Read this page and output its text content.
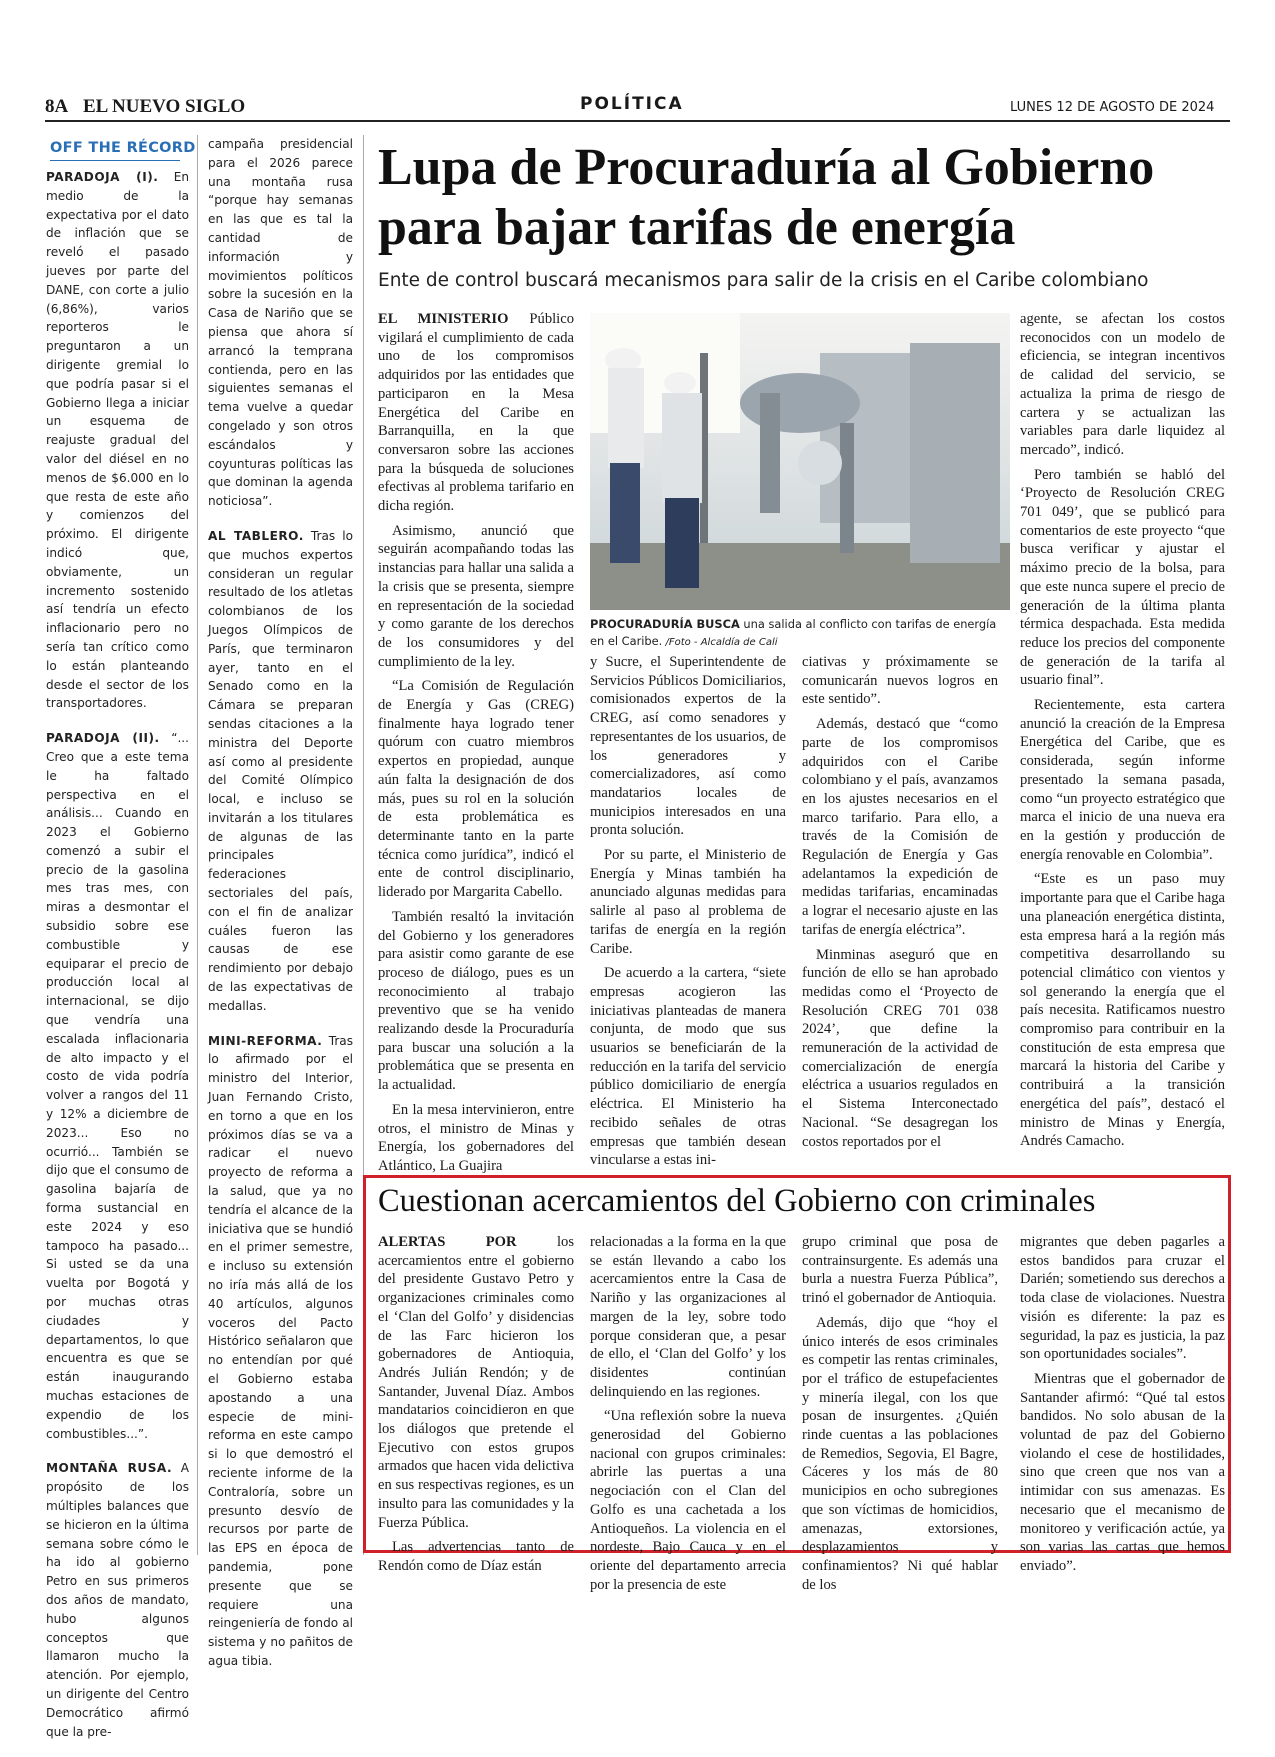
8A EL NUEVO SIGLO	POLÍTICA	LUNES 12 DE AGOSTO DE 2024
OFF THE RÉCORD

PARADOJA (I). En medio de la expectativa por el dato de inflación que se reveló el pasado jueves por parte del DANE, con corte a julio (6,86%), varios reporteros le preguntaron a un dirigente gremial lo que podría pasar si el Gobierno llega a iniciar un esquema de reajuste gradual del valor del diésel en no menos de $6.000 en lo que resta de este año y comienzos del próximo. El dirigente indicó que, obviamente, un incremento sostenido así tendría un efecto inflacionario pero no sería tan crítico como lo están planteando desde el sector de los transportadores.

PARADOJA (II). “... Creo que a este tema le ha faltado perspectiva en el análisis... Cuando en 2023 el Gobierno comenzó a subir el precio de la gasolina mes tras mes, con miras a desmontar el subsidio sobre ese combustible y equiparar el precio de producción local al internacional, se dijo que vendría una escalada inflacionaria de alto impacto y el costo de vida podría volver a rangos del 11 y 12% a diciembre de 2023... Eso no ocurrió... También se dijo que el consumo de gasolina bajaría de forma sustancial en este 2024 y eso tampoco ha pasado... Si usted se da una vuelta por Bogotá y por muchas otras ciudades y departamentos, lo que encuentra es que se están inaugurando muchas estaciones de expendio de los combustibles...”.

MONTAÑA RUSA. A propósito de los múltiples balances que se hicieron en la última semana sobre cómo le ha ido al gobierno Petro en sus primeros dos años de mandato, hubo algunos conceptos que llamaron mucho la atención. Por ejemplo, un dirigente del Centro Democrático afirmó que la pre-

campaña presidencial para el 2026 parece una montaña rusa “porque hay semanas en las que es tal la cantidad de información y movimientos políticos sobre la sucesión en la Casa de Nariño que se piensa que ahora sí arrancó la temprana contienda, pero en las siguientes semanas el tema vuelve a quedar congelado y son otros escándalos y coyunturas políticas las que dominan la agenda noticiosa”.

AL TABLERO. Tras lo que muchos expertos consideran un regular resultado de los atletas colombianos de los Juegos Olímpicos de París, que terminaron ayer, tanto en el Senado como en la Cámara se preparan sendas citaciones a la ministra del Deporte así como al presidente del Comité Olímpico local, e incluso se invitarán a los titulares de algunas de las principales federaciones sectoriales del país, con el fin de analizar cuáles fueron las causas de ese rendimiento por debajo de las expectativas de medallas.

MINI-REFORMA. Tras lo afirmado por el ministro del Interior, Juan Fernando Cristo, en torno a que en los próximos días se va a radicar el nuevo proyecto de reforma a la salud, que ya no tendría el alcance de la iniciativa que se hundió en el primer semestre, e incluso su extensión no iría más allá de los 40 artículos, algunos voceros del Pacto Histórico señalaron que no entendían por qué el Gobierno estaba apostando a una especie de mini-reforma en este campo si lo que demostró el reciente informe de la Contraloría, sobre un presunto desvío de recursos por parte de las EPS en época de pandemia, pone presente que se requiere una reingeniería de fondo al sistema y no pañitos de agua tibia.

Lupa de Procuraduría al Gobierno
para bajar tarifas de energía
Ente de control buscará mecanismos para salir de la crisis en el Caribe colombiano

EL MINISTERIO Público vigilará el cumplimiento de cada uno de los compromisos adquiridos por las entidades que participaron en la Mesa Energética del Caribe en Barranquilla, en la que conversaron sobre las acciones para la búsqueda de soluciones efectivas al problema tarifario en dicha región.

Asimismo, anunció que seguirán acompañando todas las instancias para hallar una salida a la crisis que se presenta, siempre en representación de la sociedad y como garante de los derechos de los consumidores y del cumplimiento de la ley.

“La Comisión de Regulación de Energía y Gas (CREG) finalmente haya logrado tener quórum con cuatro miembros expertos en propiedad, aunque aún falta la designación de dos más, pues su rol en la solución de esta problemática es determinante tanto en la parte técnica como jurídica”, indicó el ente de control disciplinario, liderado por Margarita Cabello.

También resaltó la invitación del Gobierno y los generadores para asistir como garante de ese proceso de diálogo, pues es un reconocimiento al trabajo preventivo que se ha venido realizando desde la Procuraduría para buscar una solución a la problemática que se presenta en la actualidad.

En la mesa intervinieron, entre otros, el ministro de Minas y Energía, los gobernadores del Atlántico, La Guajira

PROCURADURÍA BUSCA una salida al conflicto con tarifas de energía en el Caribe. /Foto - Alcaldía de Cali

y Sucre, el Superintendente de Servicios Públicos Domiciliarios, comisionados expertos de la CREG, así como senadores y representantes de los usuarios, de los generadores y comercializadores, así como mandatarios locales de municipios interesados en una pronta solución.

Por su parte, el Ministerio de Energía y Minas también ha anunciado algunas medidas para salirle al paso al problema de tarifas de energía en la región Caribe.

De acuerdo a la cartera, “siete empresas acogieron las iniciativas planteadas de manera conjunta, de modo que sus usuarios se beneficiarán de la reducción en la tarifa del servicio público domiciliario de energía eléctrica. El Ministerio ha recibido señales de otras empresas que también desean vincularse a estas ini-

ciativas y próximamente se comunicarán nuevos logros en este sentido”.

Además, destacó que “como parte de los compromisos adquiridos con el Caribe colombiano y el país, avanzamos en los ajustes necesarios en el marco tarifario. Para ello, a través de la Comisión de Regulación de Energía y Gas adelantamos la expedición de medidas tarifarias, encaminadas a lograr el necesario ajuste en las tarifas de energía eléctrica”.

Minminas aseguró que en función de ello se han aprobado medidas como el ‘Proyecto de Resolución CREG 701 038 2024’, que define la remuneración de la actividad de comercialización de energía eléctrica a usuarios regulados en el Sistema Interconectado Nacional. “Se desagregan los costos reportados por el

agente, se afectan los costos reconocidos con un modelo de eficiencia, se integran incentivos de calidad del servicio, se actualiza la prima de riesgo de cartera y se actualizan las variables para darle liquidez al mercado”, indicó.

Pero también se habló del ‘Proyecto de Resolución CREG 701 049’, que se publicó para comentarios de este proyecto “que busca verificar y ajustar el máximo precio de la bolsa, para que este nunca supere el precio de generación de la última planta térmica despachada. Esta medida reduce los precios del componente de generación de la tarifa al usuario final”.

Recientemente, esta cartera anunció la creación de la Empresa Energética del Caribe, que es considerada, según informe presentado la semana pasada, como “un proyecto estratégico que marca el inicio de una nueva era en la gestión y producción de energía renovable en Colombia”.

“Este es un paso muy importante para que el Caribe haga una planeación energética distinta, esta empresa hará a la región más competitiva desarrollando su potencial climático con vientos y sol generando la energía que el país necesita. Ratificamos nuestro compromiso para contribuir en la constitución de esta empresa que marcará la historia del Caribe y contribuirá a la transición energética del país”, destacó el ministro de Minas y Energía, Andrés Camacho.

Cuestionan acercamientos del Gobierno con criminales

ALERTAS POR los acercamientos entre el gobierno del presidente Gustavo Petro y organizaciones criminales como el ‘Clan del Golfo’ y disidencias de las Farc hicieron los gobernadores de Antioquia, Andrés Julián Rendón; y de Santander, Juvenal Díaz. Ambos mandatarios coincidieron en que los diálogos que pretende el Ejecutivo con estos grupos armados que hacen vida delictiva en sus respectivas regiones, es un insulto para las comunidades y la Fuerza Pública.

Las advertencias tanto de Rendón como de Díaz están

relacionadas a la forma en la que se están llevando a cabo los acercamientos entre la Casa de Nariño y las organizaciones al margen de la ley, sobre todo porque consideran que, a pesar de ello, el ‘Clan del Golfo’ y los disidentes continúan delinquiendo en las regiones.

“Una reflexión sobre la nueva generosidad del Gobierno nacional con grupos criminales: abrirle las puertas a una negociación con el Clan del Golfo es una cachetada a los Antioqueños. La violencia en el nordeste, Bajo Cauca y en el oriente del departamento arrecia por la presencia de este

grupo criminal que posa de contrainsurgente. Es además una burla a nuestra Fuerza Pública”, trinó el gobernador de Antioquia.

Además, dijo que “hoy el único interés de esos criminales es competir las rentas criminales, por el tráfico de estupefacientes y minería ilegal, con los que posan de insurgentes. ¿Quién rinde cuentas a las poblaciones de Remedios, Segovia, El Bagre, Cáceres y los más de 80 municipios en ocho subregiones que son víctimas de homicidios, amenazas, extorsiones, desplazamientos y confinamientos? Ni qué hablar de los

migrantes que deben pagarles a estos bandidos para cruzar el Darién; sometiendo sus derechos a toda clase de violaciones. Nuestra visión es diferente: la paz es seguridad, la paz es justicia, la paz son oportunidades sociales”.

Mientras que el gobernador de Santander afirmó: “Qué tal estos bandidos. No solo abusan de la voluntad de paz del Gobierno violando el cese de hostilidades, sino que creen que nos van a intimidar con sus amenazas. Es necesario que el mecanismo de monitoreo y verificación actúe, ya son varias las cartas que hemos enviado”.
